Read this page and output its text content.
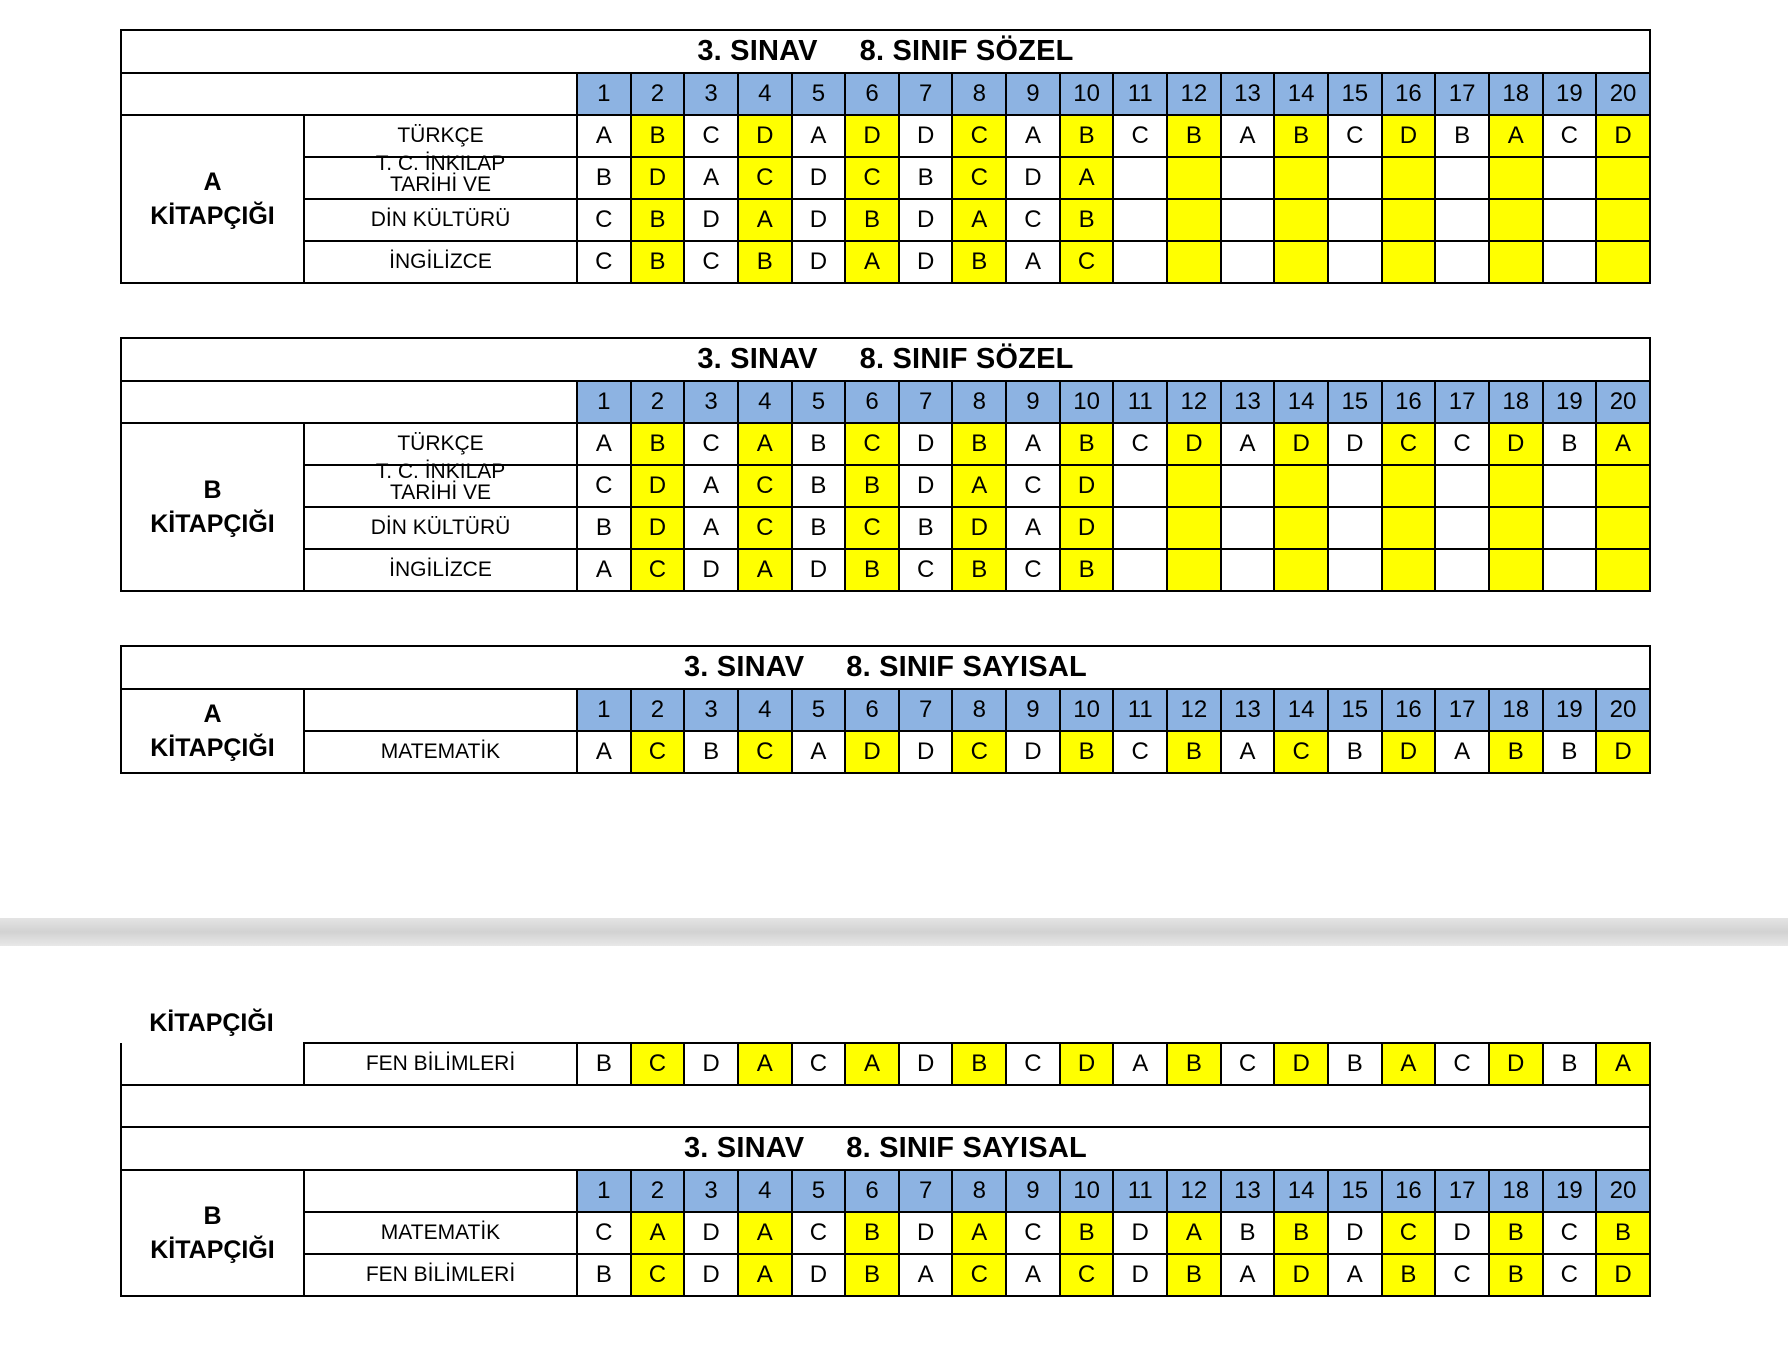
3. SINAV 8. SINIF SÖZEL																					
		1	2	3	4	5	6	7	8	9	10	11	12	13	14	15	16	17	18	19	20
A
KİTAPÇIĞI	TÜRKÇE	A	B	C	D	A	D	D	C	A	B	C	B	A	B	C	D	B	A	C	D

	T. C. İNKILAP
TARİHİ VE	B	D	A	C	D	C	B	C	D	A										
	DİN KÜLTÜRÜ	C	B	D	A	D	B	D	A	C	B										
	İNGİLİZCE	C	B	C	B	D	A	D	B	A	C										
3. SINAV 8. SINIF SÖZEL																					
		1	2	3	4	5	6	7	8	9	10	11	12	13	14	15	16	17	18	19	20
B
KİTAPÇIĞI	TÜRKÇE	A	B	C	A	B	C	D	B	A	B	C	D	A	D	D	C	C	D	B	A

	T. C. İNKILAP
TARİHİ VE	C	D	A	C	B	B	D	A	C	D										
	DİN KÜLTÜRÜ	B	D	A	C	B	C	B	D	A	D										
	İNGİLİZCE	A	C	D	A	D	B	C	B	C	B										
3. SINAV 8. SINIF SAYISAL																					
A
KİTAPÇIĞI		1	2	3	4	5	6	7	8	9	10	11	12	13	14	15	16	17	18	19	20
	MATEMATİK	A	C	B	C	A	D	D	C	D	B	C	B	A	C	B	D	A	B	B	D
KİTAPÇIĞI
	FEN BİLİMLERİ	B	C	D	A	C	A	D	B	C	D	A	B	C	D	B	A	C	D	B	A

3. SINAV 8. SINIF SAYISAL																					
B
KİTAPÇIĞI		1	2	3	4	5	6	7	8	9	10	11	12	13	14	15	16	17	18	19	20
	MATEMATİK	C	A	D	A	C	B	D	A	C	B	D	A	B	B	D	C	D	B	C	B
	FEN BİLİMLERİ	B	C	D	A	D	B	A	C	A	C	D	B	A	D	A	B	C	B	C	D
